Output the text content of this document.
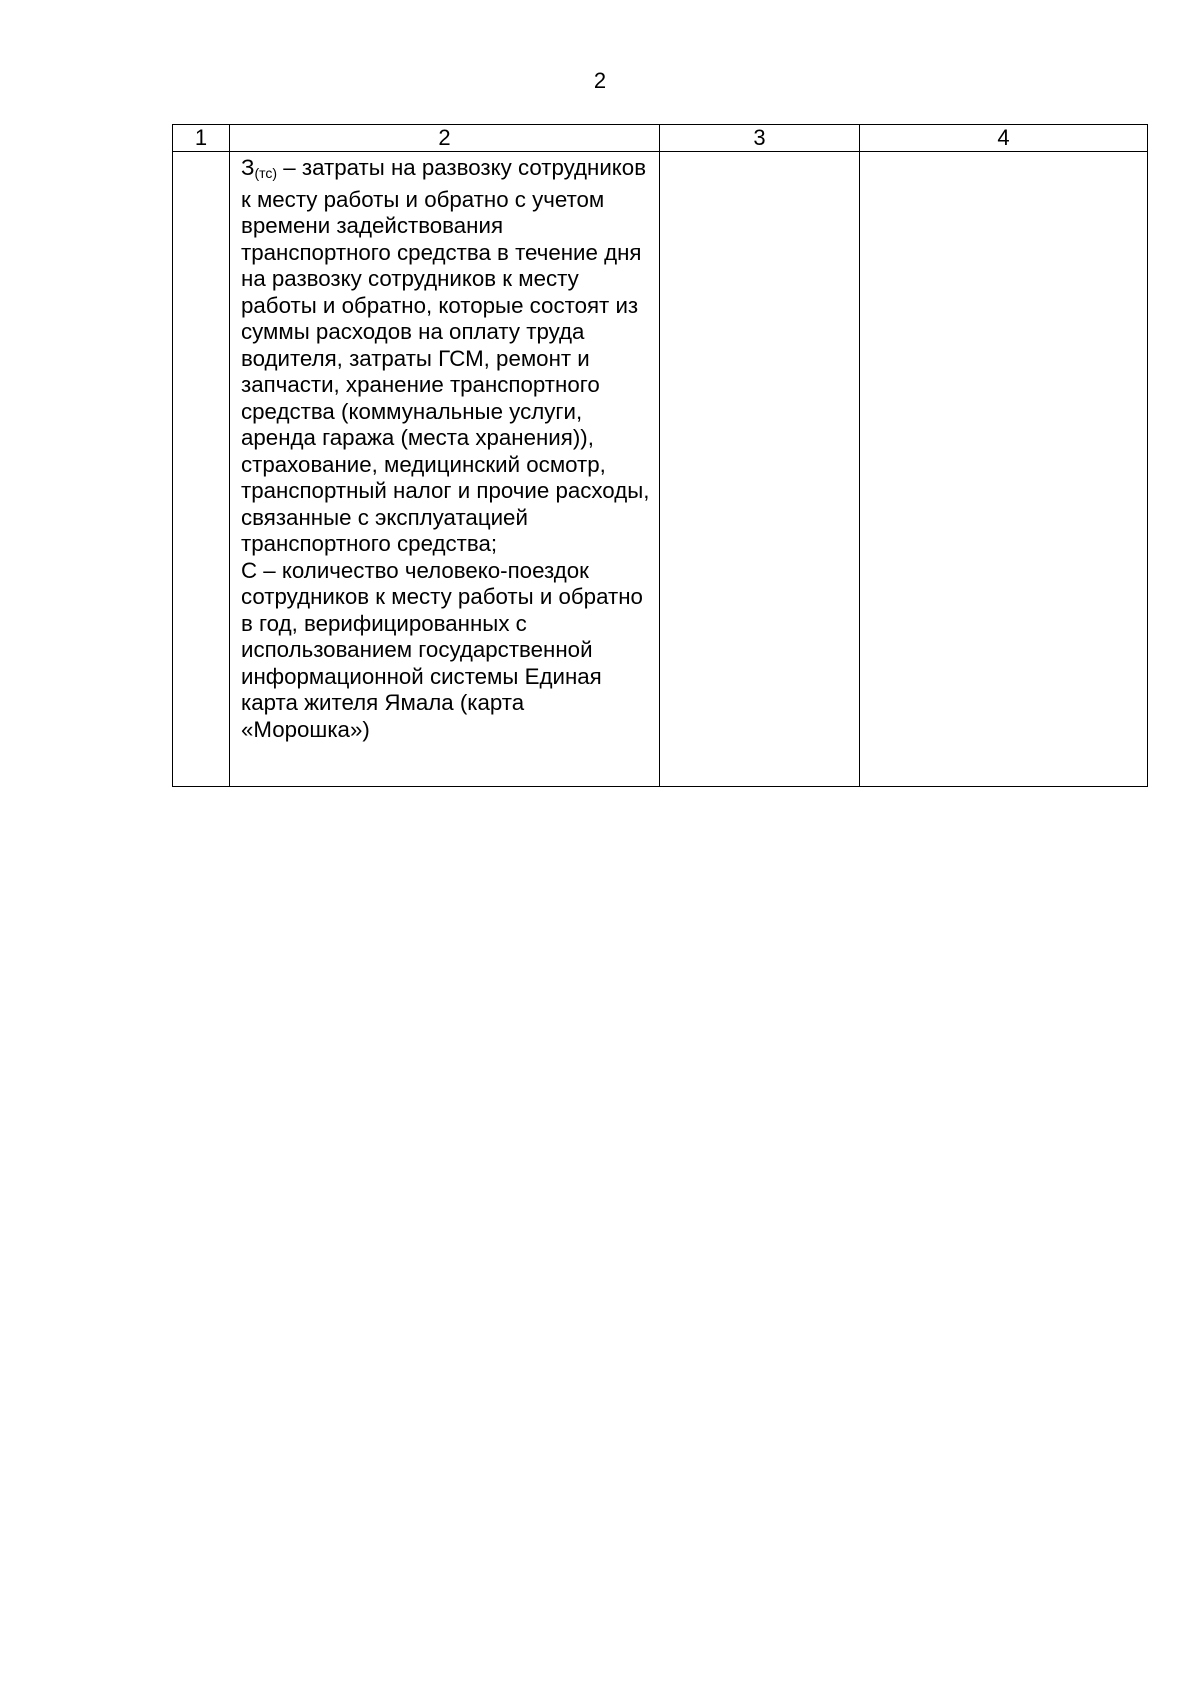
2
1	2	3	4

	$З_{(тс)}$ – затраты на развозку сотрудников к месту работы и обратно с учетом времени задействования транспортного средства в течение дня на развозку сотрудников к месту работы и обратно, которые состоят из суммы расходов на оплату труда водителя, затраты ГСМ, ремонт и запчасти, хранение транспортного средства (коммунальные услуги, аренда гаража (места хранения)), страхование, медицинский осмотр, транспортный налог и прочие расходы, связанные с эксплуатацией транспортного средства;
С – количество человеко-поездок сотрудников к месту работы и обратно в год, верифицированных с использованием государственной информационной системы Единая карта жителя Ямала (карта «Морошка»)		
